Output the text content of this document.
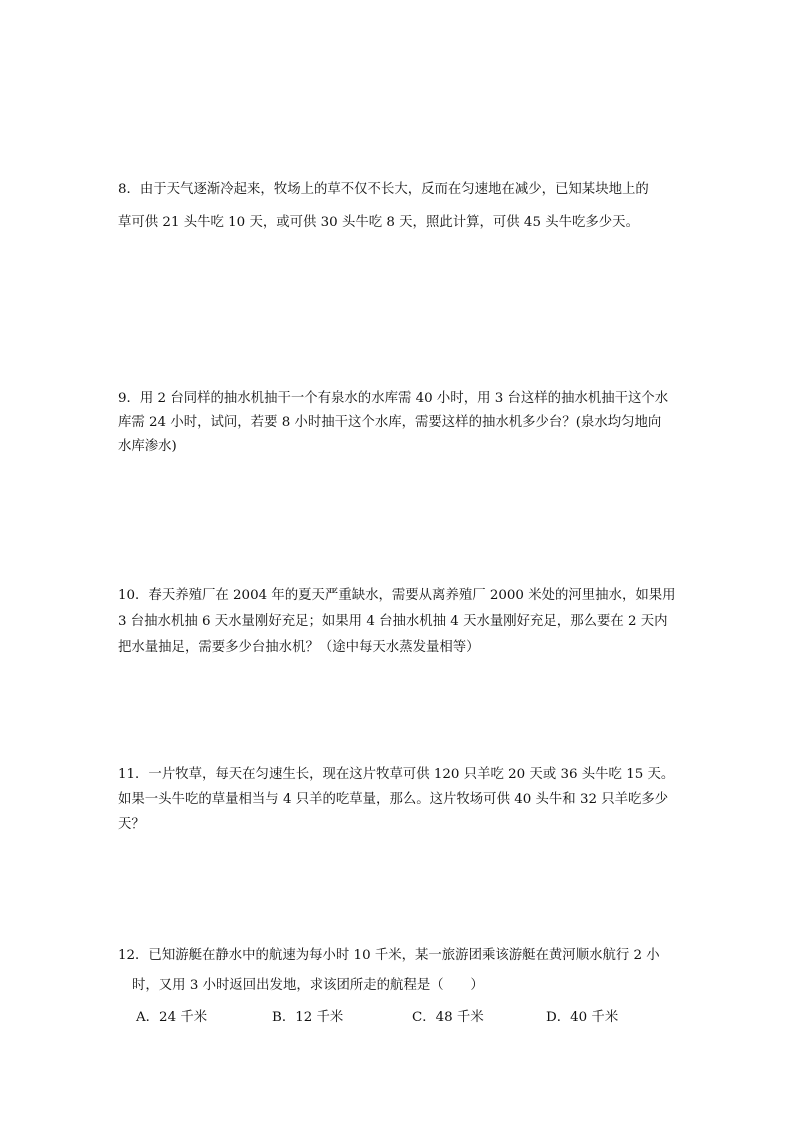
8．由于天气逐渐冷起来，牧场上的草不仅不长大，反而在匀速地在减少，已知某块地上的
草可供 21 头牛吃 10 天，或可供 30 头牛吃 8 天，照此计算，可供 45 头牛吃多少天。
9．用 2 台同样的抽水机抽干一个有泉水的水库需 40 小时，用 3 台这样的抽水机抽干这个水
库需 24 小时，试问，若要 8 小时抽干这个水库，需要这样的抽水机多少台？(泉水均匀地向
水库渗水)
10．春天养殖厂在 2004 年的夏天严重缺水，需要从离养殖厂 2000 米处的河里抽水，如果用
3 台抽水机抽 6 天水量刚好充足；如果用 4 台抽水机抽 4 天水量刚好充足，那么要在 2 天内
把水量抽足，需要多少台抽水机？（途中每天水蒸发量相等）
11．一片牧草，每天在匀速生长，现在这片牧草可供 120 只羊吃 20 天或 36 头牛吃 15 天。
如果一头牛吃的草量相当与 4 只羊的吃草量，那么。这片牧场可供 40 头牛和 32 只羊吃多少
天？
12．已知游艇在静水中的航速为每小时 10 千米，某一旅游团乘该游艇在黄河顺水航行 2 小
时，又用 3 小时返回出发地，求该团所走的航程是（　　）
A．24 千米	B．12 千米	C．48 千米	D．40 千米
